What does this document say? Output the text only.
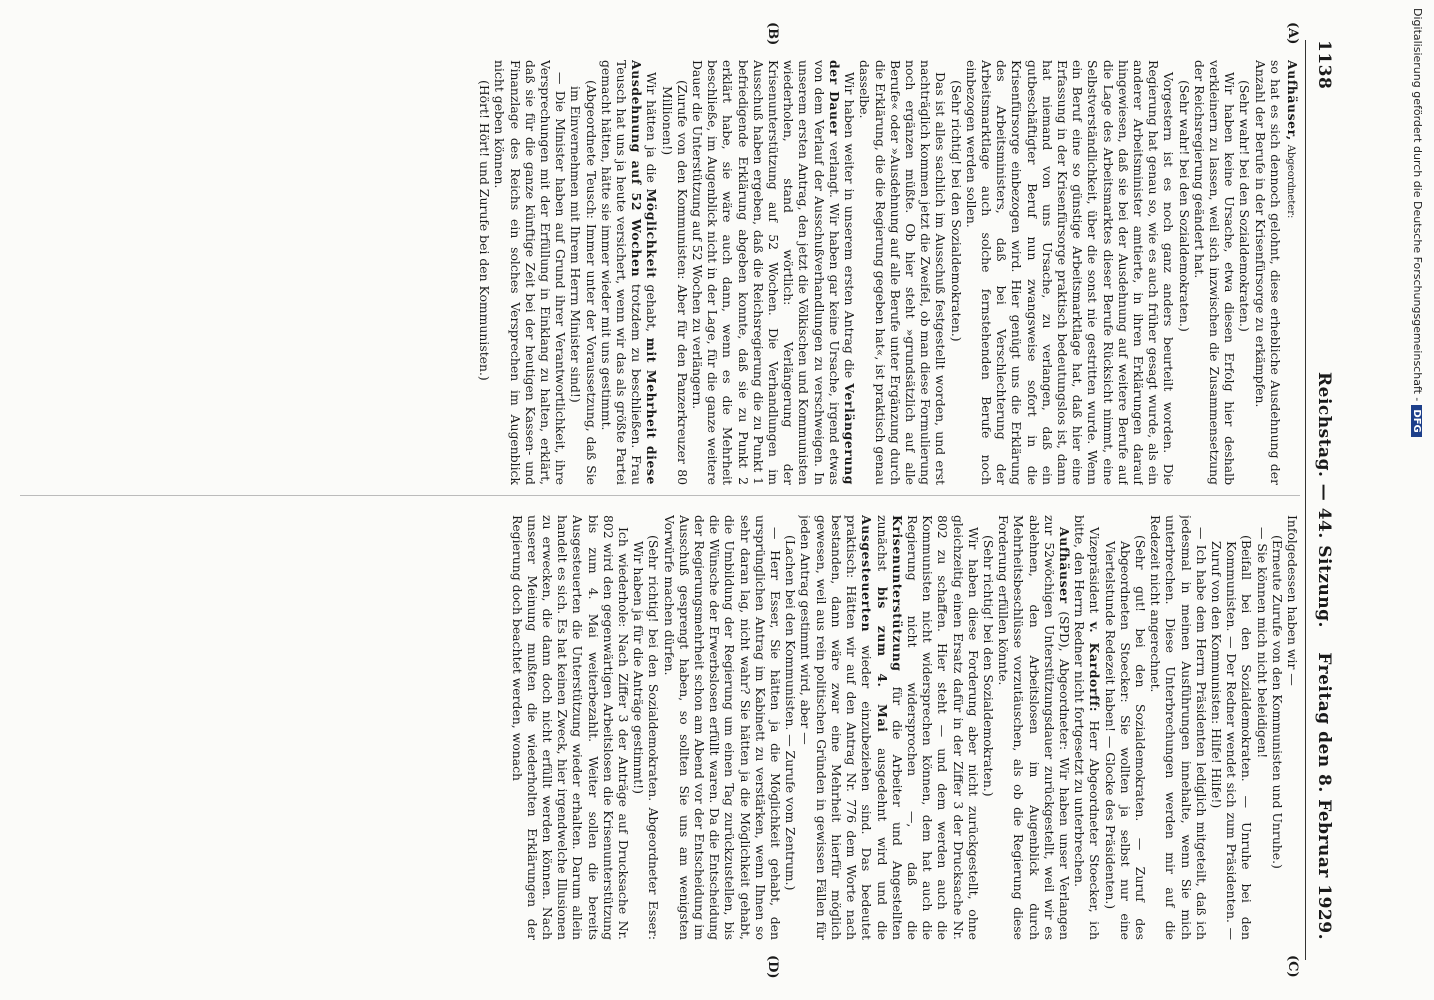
1138
Reichstag. — 44. Sitzung.
Freitag den 8. Februar 1929.
(A)
(B)
(C)
(D)

Aufhäuser, Abgeordneter:

so hat es sich dennoch gelohnt, diese erhebliche Ausdehnung der Anzahl der Berufe in der Krisenfürsorge zu erkämpfen.

(Sehr wahr! bei den Sozialdemokraten.)

Wir haben keine Ursache, etwa diesen Erfolg hier deshalb verkleinern zu lassen, weil sich inzwischen die Zusammensetzung der Reichsregierung geändert hat.

(Sehr wahr! bei den Sozialdemokraten.)

Vorgestern ist es noch ganz anders beurteilt worden. Die Regierung hat genau so, wie es auch früher gesagt wurde, als ein anderer Arbeitsminister amtierte, in ihren Erklärungen darauf hingewiesen, daß sie bei der Ausdehnung auf weitere Berufe auf die Lage des Arbeitsmarktes dieser Berufe Rücksicht nimmt, eine Selbstverständlichkeit, über die sonst nie gestritten wurde. Wenn ein Beruf eine so günstige Arbeitsmarktlage hat, daß hier eine Erfassung in der Krisenfürsorge praktisch bedeutungslos ist, dann hat niemand von uns Ursache, zu verlangen, daß ein gutbeschäftigter Beruf nun zwangsweise sofort in die Krisenfürsorge einbezogen wird. Hier genügt uns die Erklärung des Arbeitsministers, daß bei Verschlechterung der Arbeitsmarktlage auch solche fernstehenden Berufe noch einbezogen werden sollen.

(Sehr richtig! bei den Sozialdemokraten.)

Das ist alles sachlich im Ausschuß festgestellt worden, und erst nachträglich kommen jetzt die Zweifel, ob man diese Formulierung noch ergänzen müßte. Ob hier steht »grundsätzlich auf alle Berufe« oder »Ausdehnung auf alle Berufe unter Ergänzung durch die Erklärung, die die Regierung gegeben hat«, ist praktisch genau dasselbe.

Wir haben weiter in unserem ersten Antrag die Verlängerung der Dauer verlangt. Wir haben gar keine Ursache, irgend etwas von dem Verlauf der Ausschußverhandlungen zu verschweigen. In unserem ersten Antrag, den jetzt die Völkischen und Kommunisten wiederholen, stand wörtlich: Verlängerung der Krisenunterstützung auf 52 Wochen. Die Verhandlungen im Ausschuß haben ergeben, daß die Reichsregierung die zu Punkt 1 befriedigende Erklärung abgeben konnte, daß sie zu Punkt 2 erklärt habe, sie wäre auch dann, wenn es die Mehrheit beschließe, im Augenblick nicht in der Lage, für die ganze weitere Dauer die Unterstützung auf 52 Wochen zu verlängern.

(Zurufe von den Kommunisten: Aber für den Panzerkreuzer 80 Millionen!)

Wir hätten ja die Möglichkeit gehabt, mit Mehrheit diese Ausdehnung auf 52 Wochen trotzdem zu beschließen. Frau Teusch hat uns ja heute versichert, wenn wir das als größte Partei gemacht hätten, hätte sie immer wieder mit uns gestimmt.

(Abgeordnete Teusch: Immer unter der Voraussetzung, daß Sie im Einvernehmen mit Ihrem Herrn Minister sind!)

— Die Minister haben auf Grund ihrer Verantwortlichkeit, ihre Versprechungen mit der Erfüllung in Einklang zu halten, erklärt, daß sie für die ganze künftige Zeit bei der heutigen Kassen- und Finanzlage des Reichs ein solches Versprechen im Augenblick nicht geben können.

(Hört! Hört! und Zurufe bei den Kommunisten.)

Infolgedessen haben wir —

(Erneute Zurufe von den Kommunisten und Unruhe.)

— Sie können mich nicht beleidigen!

(Beifall bei den Sozialdemokraten. — Unruhe bei den Kommunisten. — Der Redner wendet sich zum Präsidenten. — Zuruf von den Kommunisten: Hilfe! Hilfe!)

— Ich habe dem Herrn Präsidenten lediglich mitgeteilt, daß ich jedesmal in meinen Ausführungen innehalte, wenn Sie mich unterbrechen. Diese Unterbrechungen werden mir auf die Redezeit nicht angerechnet.

(Sehr gut! bei den Sozialdemokraten. — Zuruf des Abgeordneten Stoecker: Sie wollten ja selbst nur eine Viertelstunde Redezeit haben! — Glocke des Präsidenten.)

Vizepräsident v. Kardorff: Herr Abgeordneter Stoecker, ich bitte, den Herrn Redner nicht fortgesetzt zu unterbrechen.

Aufhäuser (SPD), Abgeordneter: Wir haben unser Verlangen zur 52wöchigen Unterstützungsdauer zurückgestellt, weil wir es ablehnen, den Arbeitslosen im Augenblick durch Mehrheitsbeschlüsse vorzutäuschen, als ob die Regierung diese Forderung erfüllen könnte.

(Sehr richtig! bei den Sozialdemokraten.)

Wir haben diese Forderung aber nicht zurückgestellt, ohne gleichzeitig einen Ersatz dafür in der Ziffer 3 der Drucksache Nr. 802 zu schaffen. Hier steht — und dem werden auch die Kommunisten nicht widersprechen können, dem hat auch die Regierung nicht widersprochen —, daß die Krisenunterstützung für die Arbeiter und Angestellten zunächst bis zum 4. Mai ausgedehnt wird und die Ausgesteuerten wieder einzubeziehen sind. Das bedeutet praktisch: Hätten wir auf den Antrag Nr. 776 dem Worte nach bestanden, dann wäre zwar eine Mehrheit hierfür möglich gewesen, weil aus rein politischen Gründen in gewissen Fällen für jeden Antrag gestimmt wird, aber —

(Lachen bei den Kommunisten. — Zurufe vom Zentrum.)

— Herr Esser, Sie hätten ja die Möglichkeit gehabt, den ursprünglichen Antrag im Kabinett zu verstärken, wenn Ihnen so sehr daran lag, nicht wahr? Sie hätten ja die Möglichkeit gehabt, die Umbildung der Regierung um einen Tag zurückzustellen, bis die Wünsche der Erwerbslosen erfüllt waren. Da die Entscheidung der Regierungsmehrheit schon am Abend vor der Entscheidung im Ausschuß gesprengt haben, so sollten Sie uns am wenigsten Vorwürfe machen dürfen.

(Sehr richtig! bei den Sozialdemokraten. Abgeordneter Esser: Wir haben ja für die Anträge gestimmt!)

Ich wiederhole: Nach Ziffer 3 der Anträge auf Drucksache Nr. 802 wird den gegenwärtigen Arbeitslosen die Krisenunterstützung bis zum 4. Mai weiterbezahlt. Weiter sollen die bereits Ausgesteuerten die Unterstützung wieder erhalten. Darum allein handelt es sich. Es hat keinen Zweck, hier irgendwelche Illusionen zu erwecken, die dann doch nicht erfüllt werden können. Nach unserer Meinung mußten die wiederholten Erklärungen der Regierung doch beachtet werden, wonach

Digitalisierung gefördert durch die Deutsche Forschungsgemeinschaft -DFG
